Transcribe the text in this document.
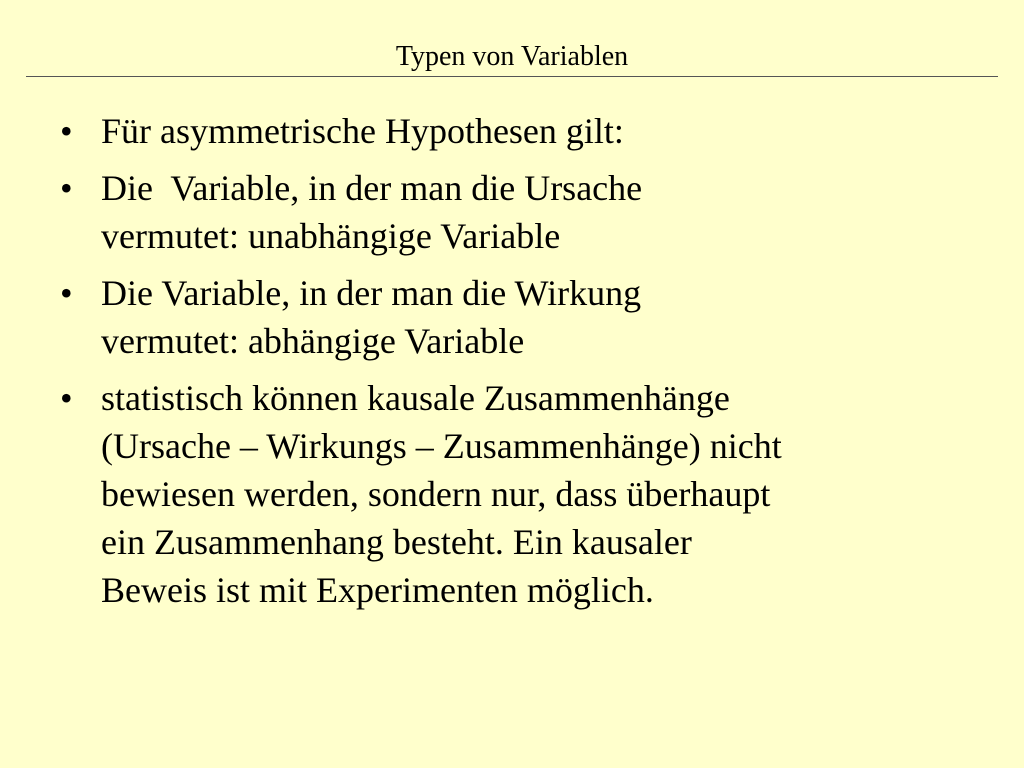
Typen von Variablen
• Für asymmetrische Hypothesen gilt:
• Die  Variable, in der man die Ursache
vermutet: unabhängige Variable
• Die Variable, in der man die Wirkung
vermutet: abhängige Variable
• statistisch können kausale Zusammenhänge
(Ursache – Wirkungs – Zusammenhänge) nicht
bewiesen werden, sondern nur, dass überhaupt
ein Zusammenhang besteht. Ein kausaler
Beweis ist mit Experimenten möglich.
